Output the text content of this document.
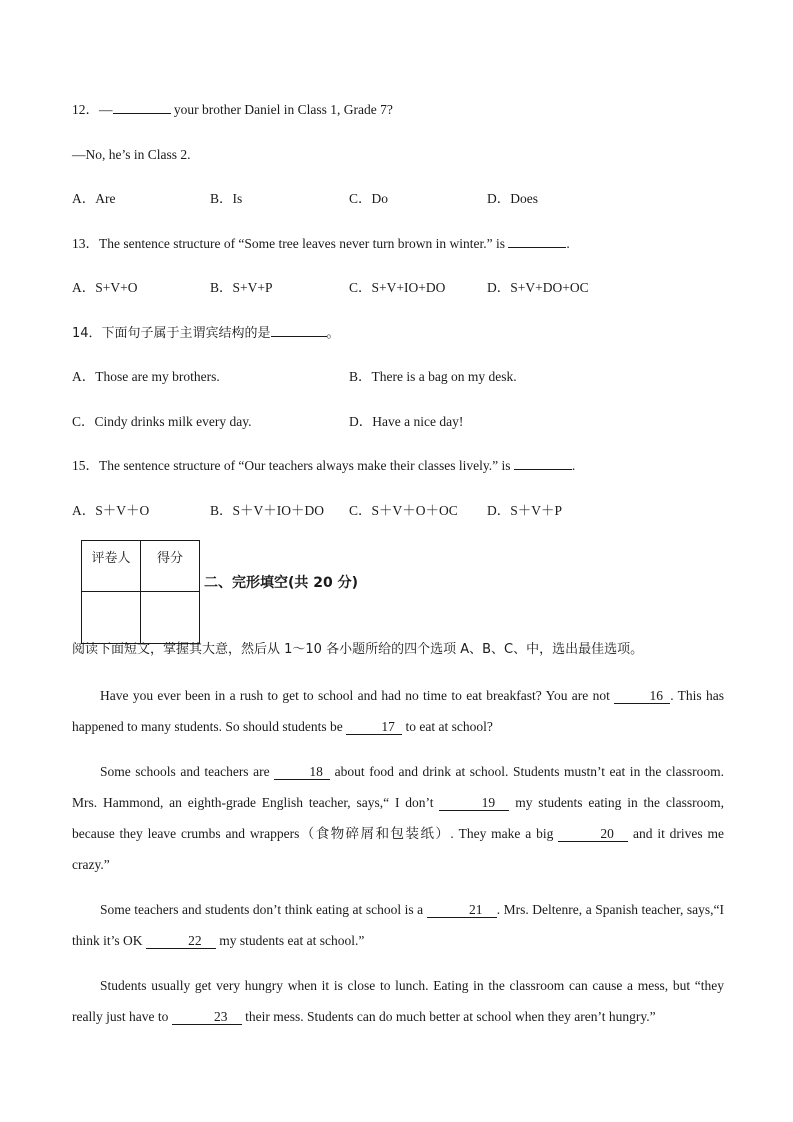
12．—	your brother Daniel in Class 1, Grade 7?
—No, he’s in Class 2.
A．Are	B．Is	C．Do	D．Does
13．The sentence structure of “Some tree leaves never turn brown in winter.” is	.
A．S+V+O	B．S+V+P	C．S+V+IO+DO	D．S+V+DO+OC
14．下面句子属于主谓宾结构的是	。
A．Those are my brothers.	B．There is a bag on my desk.
C．Cindy drinks milk every day.	D．Have a nice day!
15．The sentence structure of “Our teachers always make their classes lively.” is	.
A．S＋V＋O	B．S＋V＋IO＋DO C．S＋V＋O＋OC D．S＋V＋P
评卷人	得分

二、完形填空(共 20 分)
阅读下面短文，掌握其大意，然后从 1～10 各小题所给的四个选项 A、B、C、中，选出最佳选项。
Have you ever been in a rush to get to school and had no time to eat breakfast? You are not	16 . This has happened to many students. So should students be	17 to eat at school?
Some schools and teachers are	18 about food and drink at school. Students mustn’t eat in the classroom. Mrs. Hammond, an eighth-grade English teacher, says,“ I don’t	19 my students eating in the classroom, because they leave crumbs and wrappers（食物碎屑和包装纸）. They make a big	20 and it drives me crazy.”
Some teachers and students don’t think eating at school is a	21 . Mrs. Deltenre, a Spanish teacher, says,“I think it’s OK	22 my students eat at school.”
Students usually get very hungry when it is close to lunch. Eating in the classroom can cause a mess, but “they really just have to	23 their mess. Students can do much better at school when they aren’t hungry.”
